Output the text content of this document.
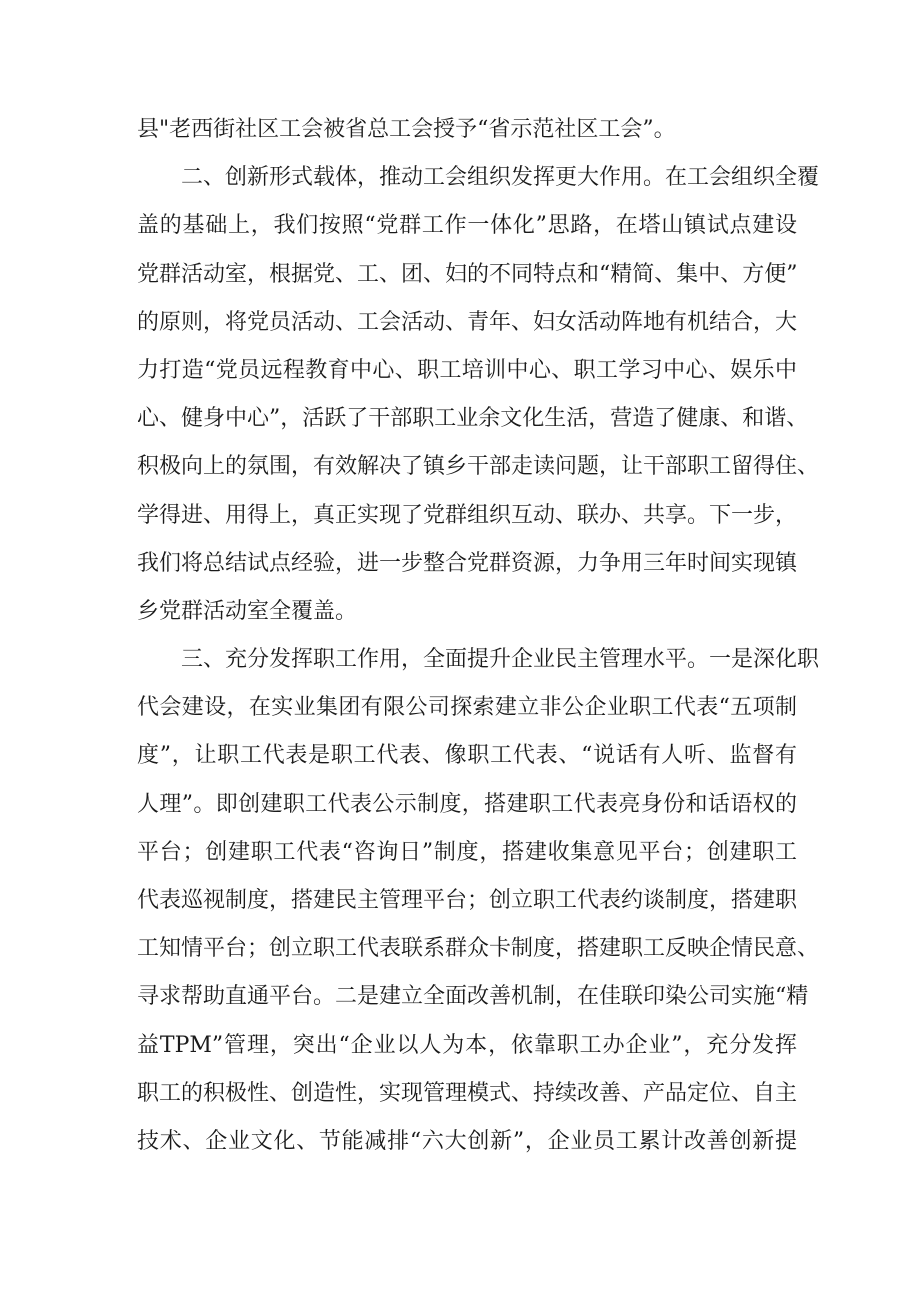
县"老西街社区工会被省总工会授予“省示范社区工会”。
二、创新形式载体，推动工会组织发挥更大作用。在工会组织全覆
盖的基础上，我们按照“党群工作一体化”思路，在塔山镇试点建设
党群活动室，根据党、工、团、妇的不同特点和“精简、集中、方便”
的原则，将党员活动、工会活动、青年、妇女活动阵地有机结合，大
力打造“党员远程教育中心、职工培训中心、职工学习中心、娱乐中
心、健身中心”，活跃了干部职工业余文化生活，营造了健康、和谐、
积极向上的氛围，有效解决了镇乡干部走读问题，让干部职工留得住、
学得进、用得上，真正实现了党群组织互动、联办、共享。下一步，
我们将总结试点经验，进一步整合党群资源，力争用三年时间实现镇
乡党群活动室全覆盖。
三、充分发挥职工作用，全面提升企业民主管理水平。一是深化职
代会建设，在实业集团有限公司探索建立非公企业职工代表“五项制
度”，让职工代表是职工代表、像职工代表、“说话有人听、监督有
人理”。即创建职工代表公示制度，搭建职工代表亮身份和话语权的
平台；创建职工代表“咨询日”制度，搭建收集意见平台；创建职工
代表巡视制度，搭建民主管理平台；创立职工代表约谈制度，搭建职
工知情平台；创立职工代表联系群众卡制度，搭建职工反映企情民意、
寻求帮助直通平台。二是建立全面改善机制，在佳联印染公司实施“精
益TPM”管理，突出“企业以人为本，依靠职工办企业”，充分发挥
职工的积极性、创造性，实现管理模式、持续改善、产品定位、自主
技术、企业文化、节能减排“六大创新”，企业员工累计改善创新提
